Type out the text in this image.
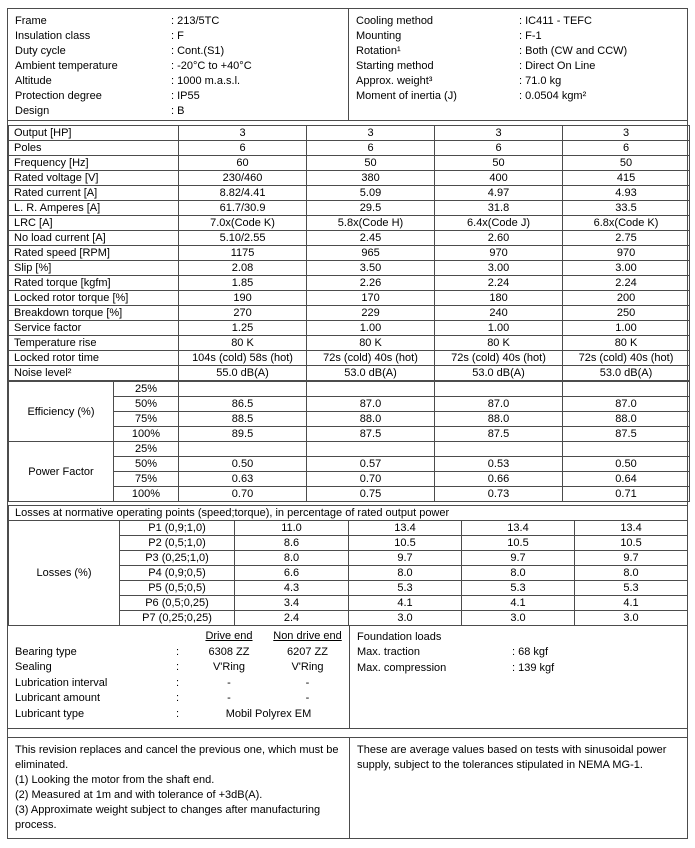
Frame	: 213/5TC
Insulation class	: F
Duty cycle	: Cont.(S1)
Ambient temperature	: -20°C to +40°C
Altitude	: 1000 m.a.s.l.
Protection degree	: IP55
Design	: B
Cooling method	: IC411 - TEFC
Mounting	: F-1
Rotation¹	: Both (CW and CCW)
Starting method	: Direct On Line
Approx. weight³	: 71.0 kg
Moment of inertia (J)	: 0.0504 kgm²
Output [HP]	3	3	3	3
Poles	6	6	6	6
Frequency [Hz]	60	50	50	50
Rated voltage [V]	230/460	380	400	415
Rated current [A]	8.82/4.41	5.09	4.97	4.93
L. R. Amperes [A]	61.7/30.9	29.5	31.8	33.5
LRC [A]	7.0x(Code K)	5.8x(Code H)	6.4x(Code J)	6.8x(Code K)
No load current [A]	5.10/2.55	2.45	2.60	2.75
Rated speed [RPM]	1175	965	970	970
Slip [%]	2.08	3.50	3.00	3.00
Rated torque [kgfm]	1.85	2.26	2.24	2.24
Locked rotor torque [%]	190	170	180	200
Breakdown torque [%]	270	229	240	250
Service factor	1.25	1.00	1.00	1.00
Temperature rise	80 K	80 K	80 K	80 K
Locked rotor time	104s (cold) 58s (hot)	72s (cold) 40s (hot)	72s (cold) 40s (hot)	72s (cold) 40s (hot)
Noise level²	55.0 dB(A)	53.0 dB(A)	53.0 dB(A)	53.0 dB(A)
Efficiency (%)	25%				
	50%	86.5	87.0	87.0	87.0
	75%	88.5	88.0	88.0	88.0
	100%	89.5	87.5	87.5	87.5
Power Factor	25%				
	50%	0.50	0.57	0.53	0.50
	75%	0.63	0.70	0.66	0.64
	100%	0.70	0.75	0.73	0.71
Losses at normative operating points (speed;torque), in percentage of rated output power					
Losses (%)	P1 (0,9;1,0)	11.0	13.4	13.4	13.4
	P2 (0,5;1,0)	8.6	10.5	10.5	10.5
	P3 (0,25;1,0)	8.0	9.7	9.7	9.7
	P4 (0,9;0,5)	6.6	8.0	8.0	8.0
	P5 (0,5;0,5)	4.3	5.3	5.3	5.3
	P6 (0,5;0,25)	3.4	4.1	4.1	4.1
	P7 (0,25;0,25)	2.4	3.0	3.0	3.0
Drive end	Non drive end
Bearing type	:	6308 ZZ	6207 ZZ
Sealing	:	V'Ring	V'Ring
Lubrication interval	:	-	-
Lubricant amount	:	-	-
Lubricant type	:	Mobil Polyrex EM
Foundation loads
Max. traction	: 68 kgf
Max. compression	: 139 kgf
This revision replaces and cancel the previous one, which must be eliminated.
(1) Looking the motor from the shaft end.
(2) Measured at 1m and with tolerance of +3dB(A).
(3) Approximate weight subject to changes after manufacturing process.
These are average values based on tests with sinusoidal power supply, subject to the tolerances stipulated in NEMA MG-1.
